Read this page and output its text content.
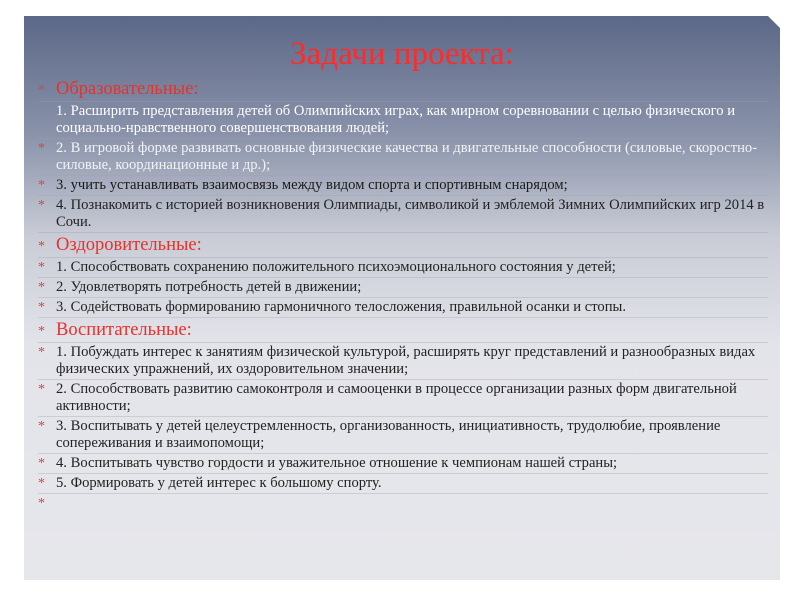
Задачи проекта:
* Образовательные:
1. Расширить представления детей об Олимпийских играх, как мирном соревновании с целью физического и социально-нравственного совершенствования людей;
* 2. В игровой форме развивать основные физические качества и двигательные способности (силовые, скоростно-силовые, координационные и др.);
* 3. учить устанавливать взаимосвязь между видом спорта и спортивным снарядом;
* 4. Познакомить с историей возникновения Олимпиады, символикой и эмблемой Зимних Олимпийских игр 2014 в Сочи.
* Оздоровительные:
* 1. Способствовать сохранению положительного психоэмоционального состояния у детей;
* 2. Удовлетворять потребность детей в движении;
* 3. Содействовать формированию гармоничного телосложения, правильной осанки и стопы.
* Воспитательные:
* 1. Побуждать интерес к занятиям физической культурой, расширять круг представлений и разнообразных видах физических упражнений, их оздоровительном значении;
* 2. Способствовать развитию самоконтроля и самооценки в процессе организации разных форм двигательной активности;
* 3. Воспитывать у детей целеустремленность, организованность, инициативность, трудолюбие, проявление сопереживания и взаимопомощи;
* 4. Воспитывать чувство гордости и уважительное отношение к чемпионам нашей страны;
* 5. Формировать у детей интерес к большому спорту.
*
